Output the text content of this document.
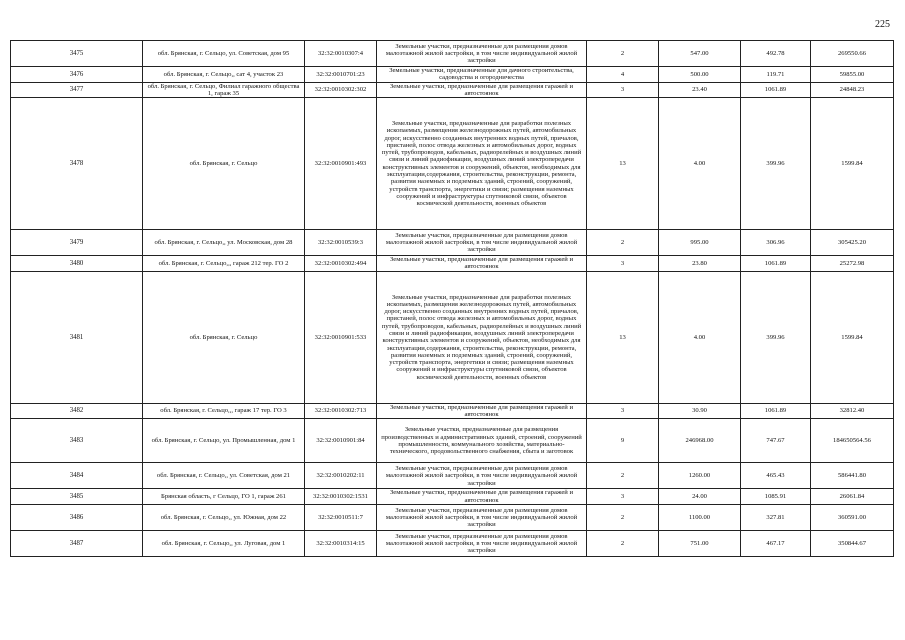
225
3475	обл. Брянская, г. Сельцо, ул. Советская, дом 95	32:32:0010307:4	Земельные участки, предназначенные для размещения домов малоэтажной жилой застройки, в том числе индивидуальной жилой застройки	2	547.00	492.78	269550.66
3476	обл. Брянская, г. Сельцо,, сат 4, участок 23	32:32:0010701:23	Земельные участки, предназначенные для дачного строительства, садоводства и огородничества	4	500.00	119.71	59855.00
3477	обл. Брянская, г. Сельцо, Филиал гаражного общества 1, гараж 35	32:32:0010302:302	Земельные участки, предназначенные для размещения гаражей и автостоянок	3	23.40	1061.89	24848.23
3478	обл. Брянская, г. Сельцо	32:32:0010901:493	Земельные участки, предназначенные для разработки полезных ископаемых, размещения железнодорожных путей, автомобильных дорог, искусственно созданных внутренних водных путей, причалов, пристаней, полос отвода железных и автомобильных дорог, водных путей, трубопроводов, кабельных, радиорелейных и воздушных линий связи и линий радиофикации, воздушных линий электропередачи конструктивных элементов и сооружений, объектов, необходимых для эксплуатации,содержания, строительства, реконструкции, ремонта, развития наземных и подземных зданий, строений, сооружений, устройств транспорта, энергетики и связи; размещения наземных сооружений и инфраструктуры спутниковой связи, объектов космической деятельности, военных объектов	13	4.00	399.96	1599.84
3479	обл. Брянская, г. Сельцо,, ул. Московская, дом 28	32:32:0010539:3	Земельные участки, предназначенные для размещения домов малоэтажной жилой застройки, в том числе индивидуальной жилой застройки	2	995.00	306.96	305425.20
3480	обл. Брянская, г. Сельцо,,, гараж 212 тер. ГО 2	32:32:0010302:494	Земельные участки, предназначенные для размещения гаражей и автостоянок	3	23.80	1061.89	25272.98
3481	обл. Брянская, г. Сельцо	32:32:0010901:533	Земельные участки, предназначенные для разработки полезных ископаемых, размещения железнодорожных путей, автомобильных дорог, искусственно созданных внутренних водных путей, причалов, пристаней, полос отвода железных и автомобильных дорог, водных путей, трубопроводов, кабельных, радиорелейных и воздушных линий связи и линий радиофикации, воздушных линий электропередачи конструктивных элементов и сооружений, объектов, необходимых для эксплуатации,содержания, строительства, реконструкции, ремонта, развития наземных и подземных зданий, строений, сооружений, устройств транспорта, энергетики и связи; размещения наземных сооружений и инфраструктуры спутниковой связи, объектов космической деятельности, военных объектов	13	4.00	399.96	1599.84
3482	обл. Брянская, г. Сельцо,,, гараж 17 тер. ГО 3	32:32:0010302:713	Земельные участки, предназначенные для размещения гаражей и автостоянок	3	30.90	1061.89	32812.40
3483	обл. Брянская, г. Сельцо, ул. Промышленная, дом 1	32:32:0010901:84	Земельные участки, предназначенные для размещения производственных и административных зданий, строений, сооружений промышленности, коммунального хозяйства, материально-технического, продовольственного снабжения, сбыта и заготовок	9	246968.00	747.67	184650564.56
3484	обл. Брянская, г. Сельцо,, ул. Советская, дом 21	32:32:0010202:11	Земельные участки, предназначенные для размещения домов малоэтажной жилой застройки, в том числе индивидуальной жилой застройки	2	1260.00	465.43	586441.80
3485	Брянская область, г Сельцо, ГО 1, гараж 261	32:32:0010302:1531	Земельные участки, предназначенные для размещения гаражей и автостоянок	3	24.00	1085.91	26061.84
3486	обл. Брянская, г. Сельцо,, ул. Южная, дом 22	32:32:0010511:7	Земельные участки, предназначенные для размещения домов малоэтажной жилой застройки, в том числе индивидуальной жилой застройки	2	1100.00	327.81	360591.00
3487	обл. Брянская, г. Сельцо,, ул. Луговая, дом 1	32:32:0010314:15	Земельные участки, предназначенные для размещения домов малоэтажной жилой застройки, в том числе индивидуальной жилой застройки	2	751.00	467.17	350844.67
